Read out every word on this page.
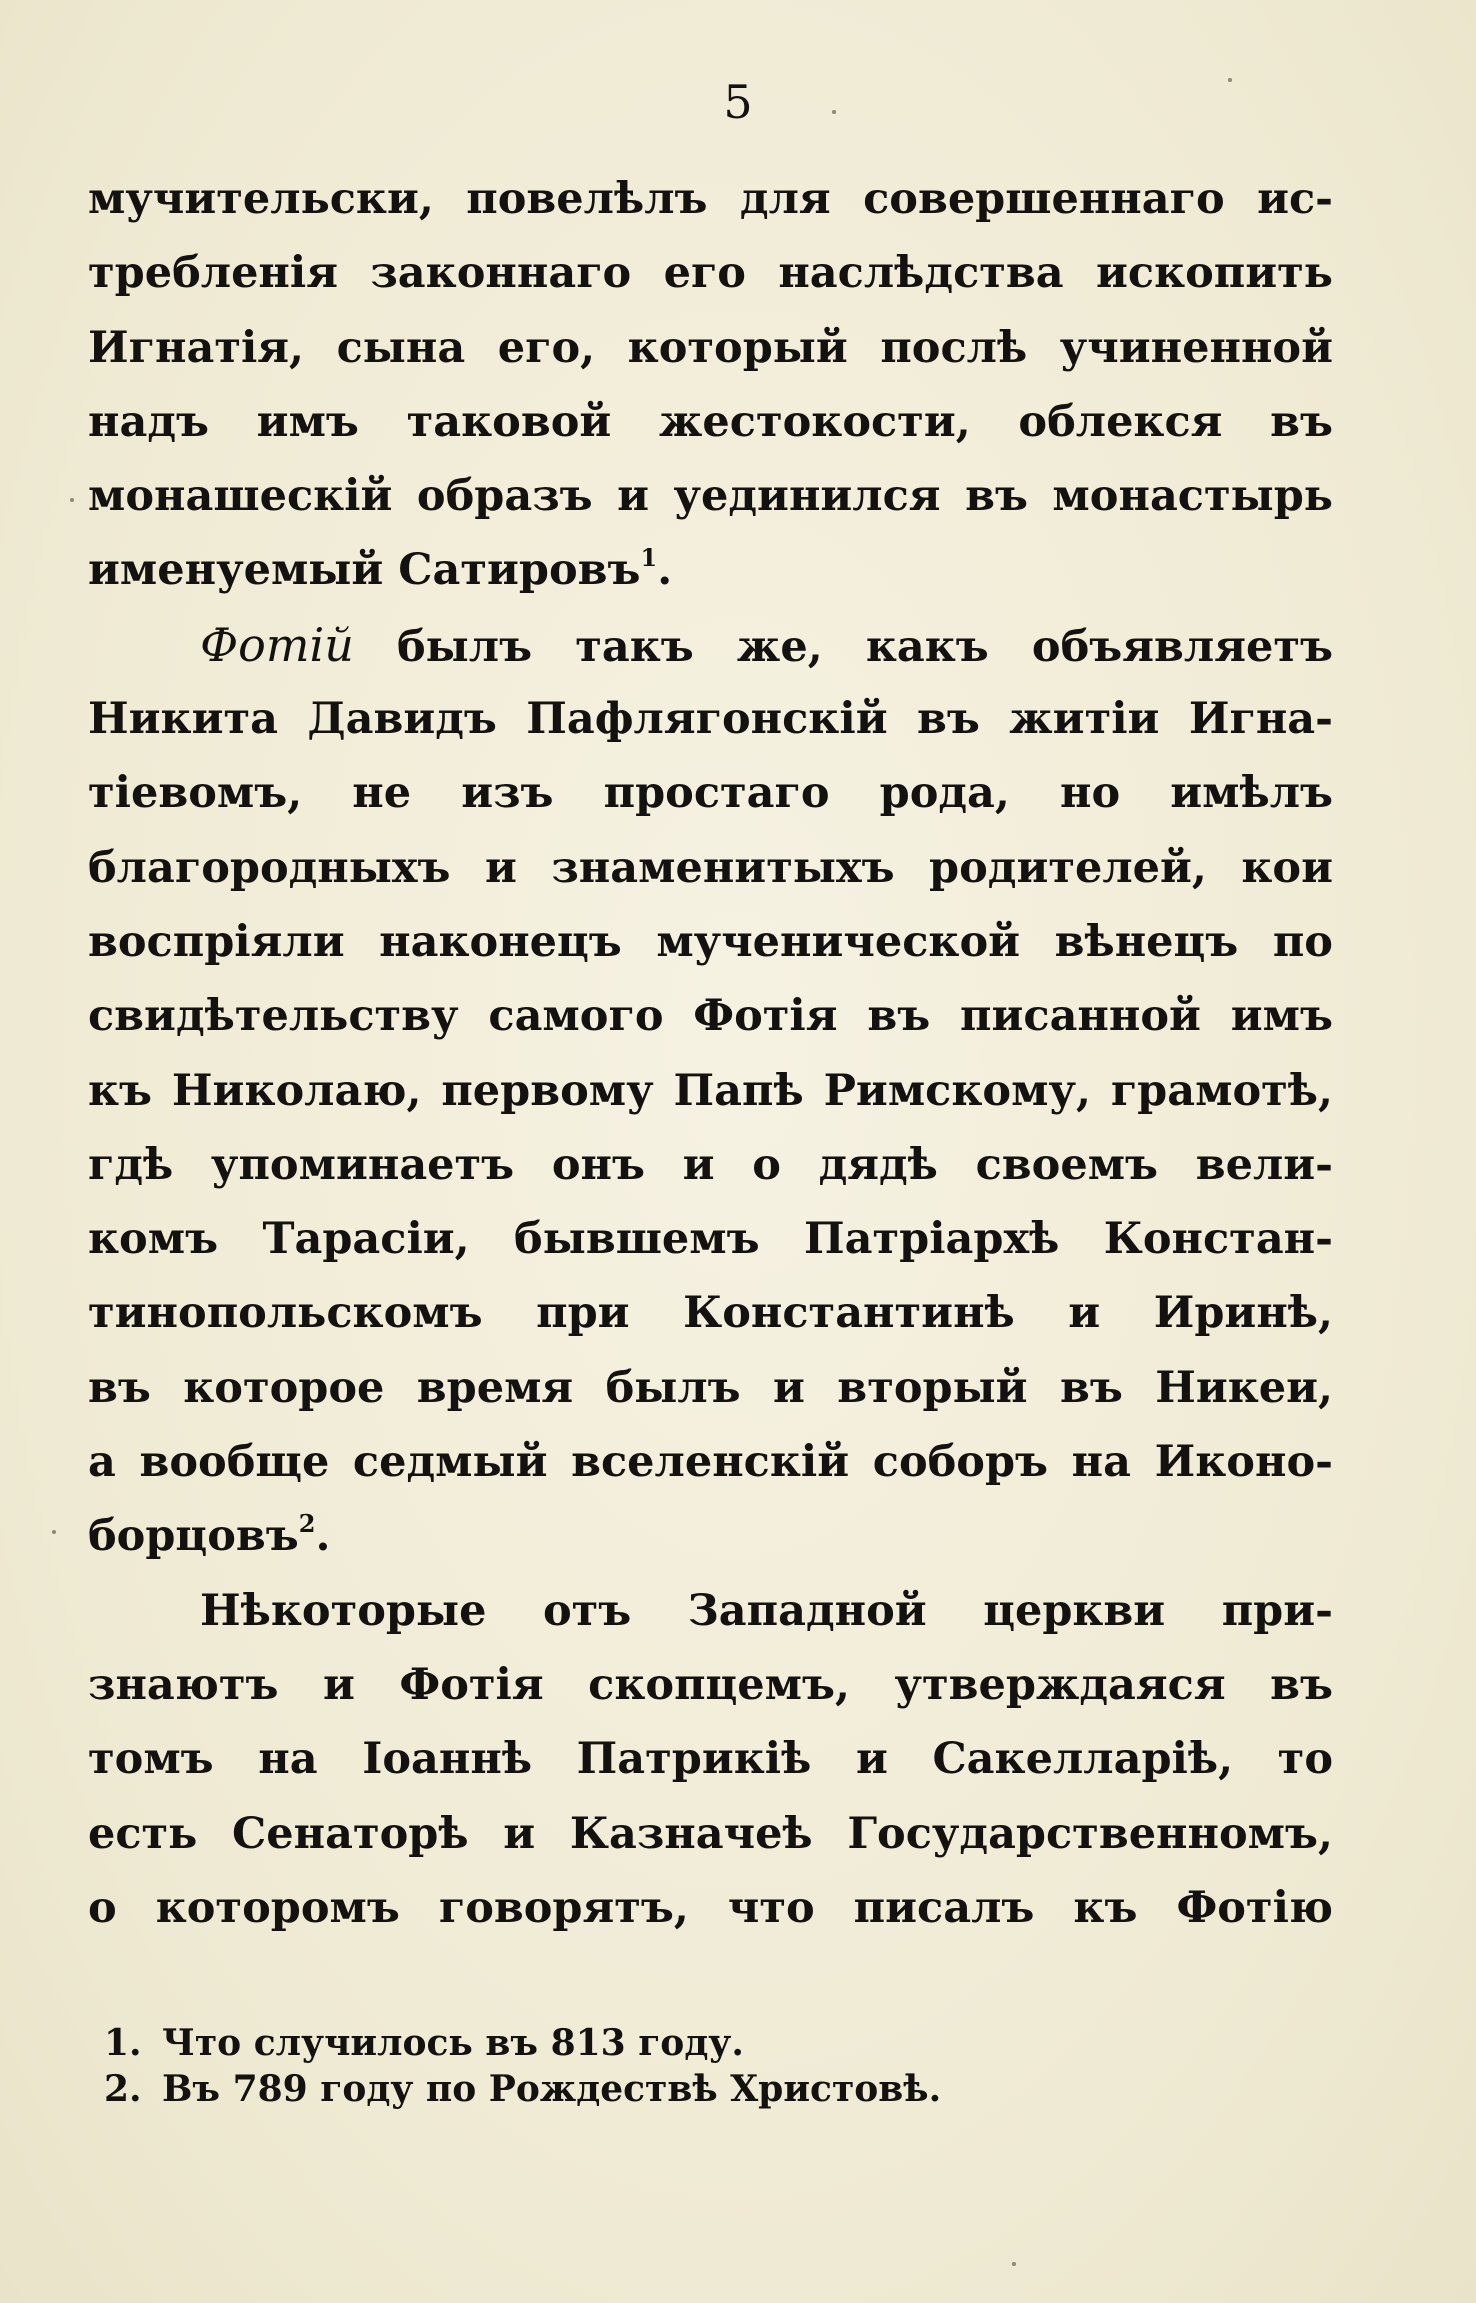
5
мучительски, повелѣлъ для совершеннаго ис-
требленія законнаго его наслѣдства ископить
Игнатія, сына его, который послѣ учиненной
надъ имъ таковой жестокости, облекся въ
монашескій образъ и уединился въ монастырь
именуемый Сатировъ$^1$.
Фотій былъ такъ же, какъ объявляетъ
Никита Давидъ Пафлягонскій въ житіи Игна-
тіевомъ, не изъ простаго рода, но имѣлъ
благородныхъ и знаменитыхъ родителей, кои
воспріяли наконецъ мученической вѣнецъ по
свидѣтельству самого Фотія въ писанной имъ
къ Николаю, первому Папѣ Римскому, грамотѣ,
гдѣ упоминаетъ онъ и о дядѣ своемъ вели-
комъ Тарасіи, бывшемъ Патріархѣ Констан-
тинопольскомъ при Константинѣ и Иринѣ,
въ которое время былъ и вторый въ Никеи,
а вообще седмый вселенскій соборъ на Иконо-
борцовъ$^2$.
Нѣкоторые отъ Западной церкви при-
знаютъ и Фотія скопцемъ, утверждаяся въ
томъ на Іоаннѣ Патрикіѣ и Сакелларіѣ, то
есть Сенаторѣ и Казначеѣ Государственномъ,
о которомъ говорятъ, что писалъ къ Фотію
1. Что случилось въ 813 году.
2. Въ 789 году по Рождествѣ Христовѣ.
